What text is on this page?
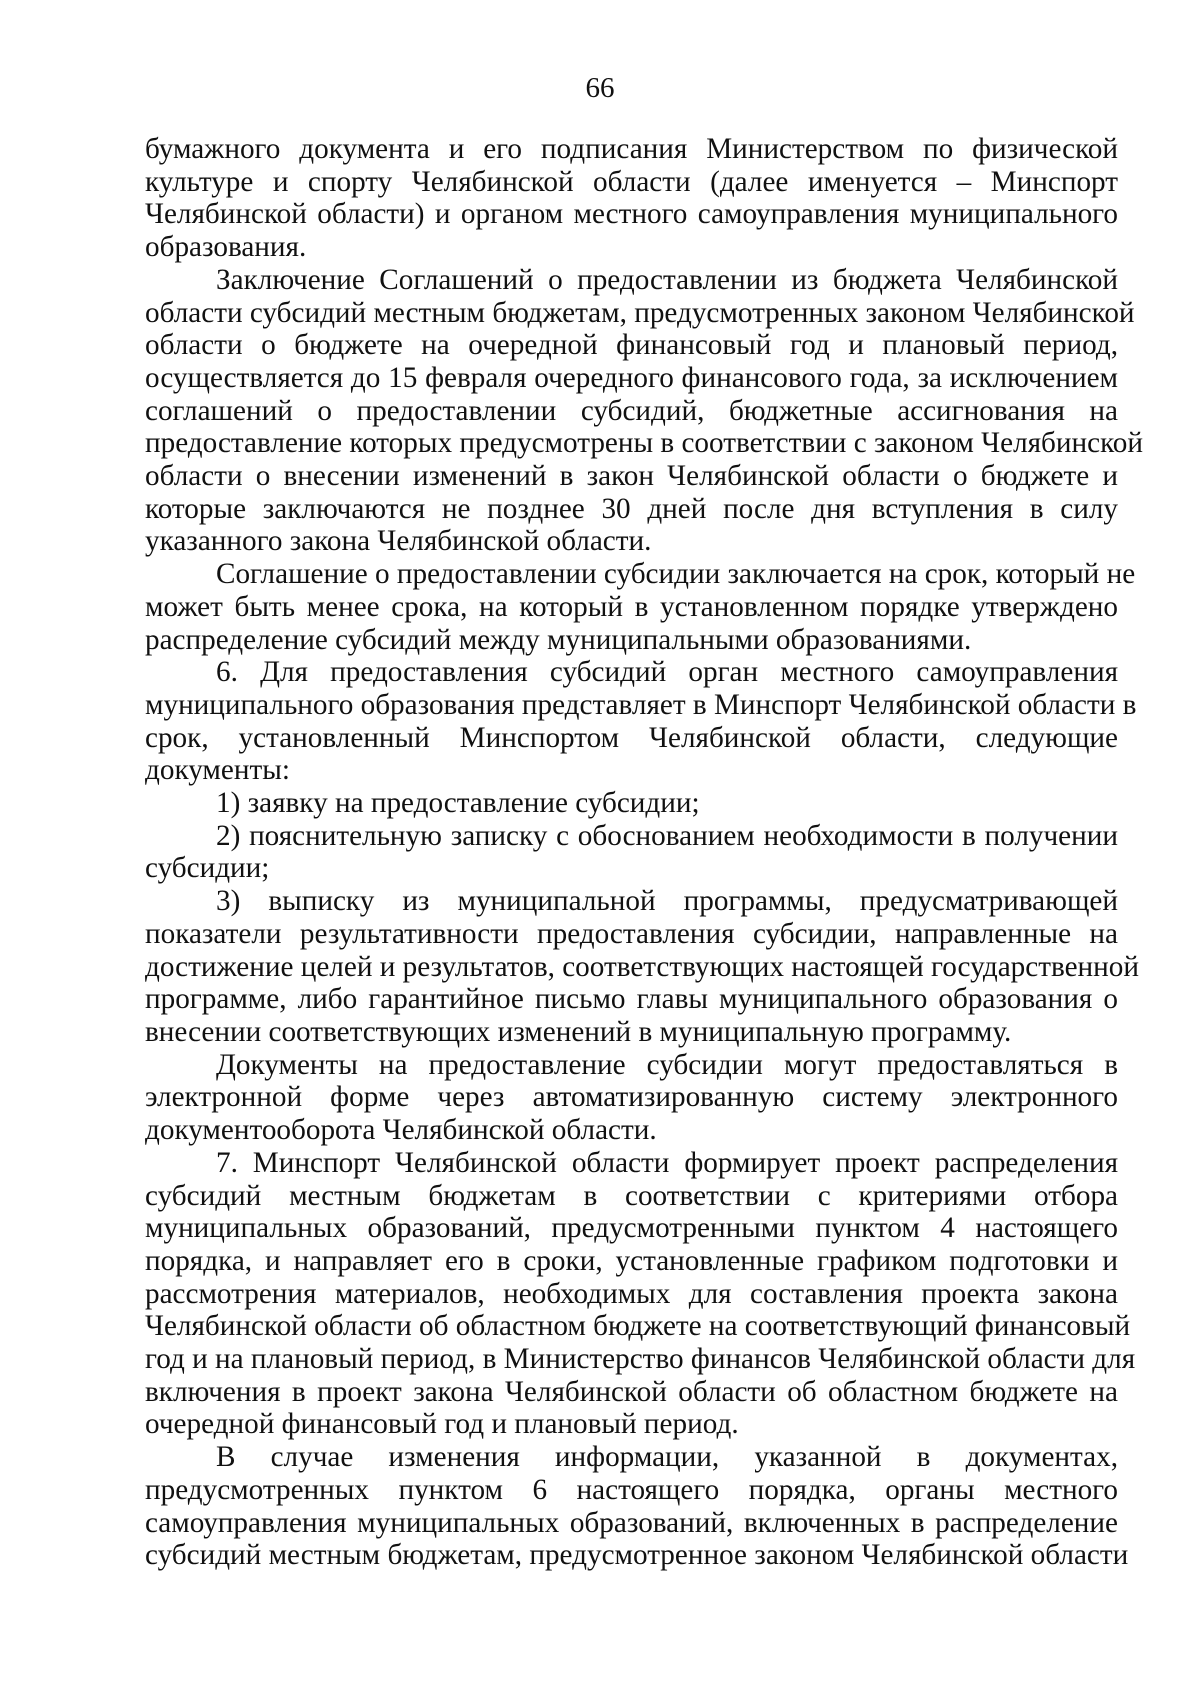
66
бумажного документа и его подписания Министерством по физической
культуре и спорту Челябинской области (далее именуется – Минспорт
Челябинской области) и органом местного самоуправления муниципального
образования.
Заключение Соглашений о предоставлении из бюджета Челябинской
области субсидий местным бюджетам, предусмотренных законом Челябинской
области о бюджете на очередной финансовый год и плановый период,
осуществляется до 15 февраля очередного финансового года, за исключением
соглашений о предоставлении субсидий, бюджетные ассигнования на
предоставление которых предусмотрены в соответствии с законом Челябинской
области о внесении изменений в закон Челябинской области о бюджете и
которые заключаются не позднее 30 дней после дня вступления в силу
указанного закона Челябинской области.
Соглашение о предоставлении субсидии заключается на срок, который не
может быть менее срока, на который в установленном порядке утверждено
распределение субсидий между муниципальными образованиями.
6. Для предоставления субсидий орган местного самоуправления
муниципального образования представляет в Минспорт Челябинской области в
срок, установленный Минспортом Челябинской области, следующие
документы:
1) заявку на предоставление субсидии;
2) пояснительную записку с обоснованием необходимости в получении
субсидии;
3) выписку из муниципальной программы, предусматривающей
показатели результативности предоставления субсидии, направленные на
достижение целей и результатов, соответствующих настоящей государственной
программе, либо гарантийное письмо главы муниципального образования о
внесении соответствующих изменений в муниципальную программу.
Документы на предоставление субсидии могут предоставляться в
электронной форме через автоматизированную систему электронного
документооборота Челябинской области.
7. Минспорт Челябинской области формирует проект распределения
субсидий местным бюджетам в соответствии с критериями отбора
муниципальных образований, предусмотренными пунктом 4 настоящего
порядка, и направляет его в сроки, установленные графиком подготовки и
рассмотрения материалов, необходимых для составления проекта закона
Челябинской области об областном бюджете на соответствующий финансовый
год и на плановый период, в Министерство финансов Челябинской области для
включения в проект закона Челябинской области об областном бюджете на
очередной финансовый год и плановый период.
В случае изменения информации, указанной в документах,
предусмотренных пунктом 6 настоящего порядка, органы местного
самоуправления муниципальных образований, включенных в распределение
субсидий местным бюджетам, предусмотренное законом Челябинской области
